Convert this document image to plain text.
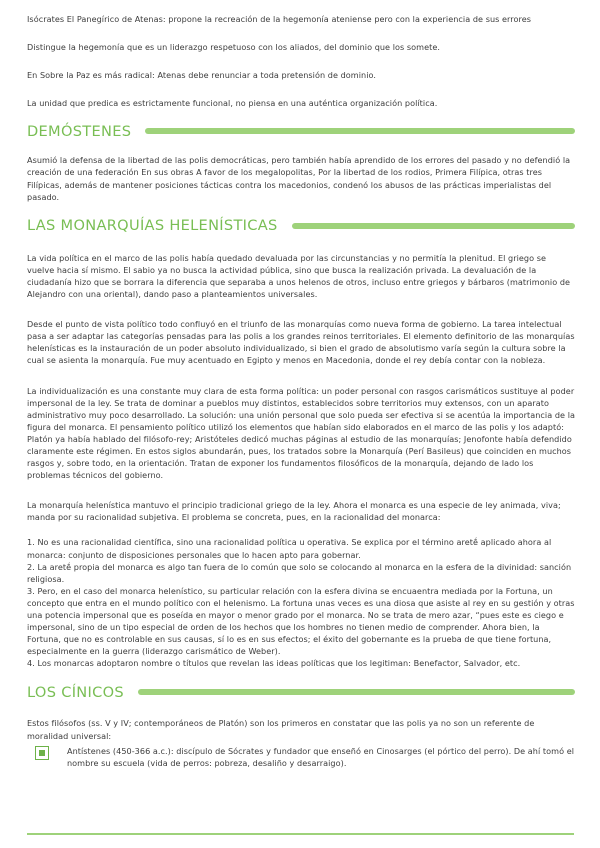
Isócrates El Panegírico de Atenas: propone la recreación de la hegemonía ateniense pero con la experiencia de sus errores

Distingue la hegemonía que es un liderazgo respetuoso con los aliados, del dominio que los somete.

En Sobre la Paz es más radical: Atenas debe renunciar a toda pretensión de dominio.

La unidad que predica es estrictamente funcional, no piensa en una auténtica organización política.

DEMÓSTENES

Asumió la defensa de la libertad de las polis democráticas, pero también había aprendido de los errores del pasado y no defendió la creación de una federación En sus obras A favor de los megalopolitas, Por la libertad de los rodios, Primera Filípica, otras tres Filípicas, además de mantener posiciones tácticas contra los macedonios, condenó los abusos de las prácticas imperialistas del pasado.

LAS MONARQUÍAS HELENÍSTICAS

La vida política en el marco de las polis había quedado devaluada por las circunstancias y no permitía la plenitud. El griego se vuelve hacia sí mismo. El sabio ya no busca la actividad pública, sino que busca la realización privada. La devaluación de la ciudadanía hizo que se borrara la diferencia que separaba a unos helenos de otros, incluso entre griegos y bárbaros (matrimonio de Alejandro con una oriental), dando paso a planteamientos universales.

Desde el punto de vista político todo confluyó en el triunfo de las monarquías como nueva forma de gobierno. La tarea intelectual pasa a ser adaptar las categorías pensadas para las polis a los grandes reinos territoriales. El elemento definitorio de las monarquías helenísticas es la instauración de un poder absoluto individualizado, si bien el grado de absolutismo varía según la cultura sobre la cual se asienta la monarquía. Fue muy acentuado en Egipto y menos en Macedonia, donde el rey debía contar con la nobleza.

La individualización es una constante muy clara de esta forma política: un poder personal con rasgos carismáticos sustituye al poder impersonal de la ley. Se trata de dominar a pueblos muy distintos, establecidos sobre territorios muy extensos, con un aparato administrativo muy poco desarrollado. La solución: una unión personal que solo pueda ser efectiva si se acentúa la importancia de la figura del monarca. El pensamiento político utilizó los elementos que habían sido elaborados en el marco de las polis y los adaptó: Platón ya había hablado del filósofo-rey; Aristóteles dedicó muchas páginas al estudio de las monarquías; Jenofonte había defendido claramente este régimen. En estos siglos abundarán, pues, los tratados sobre la Monarquía (Perí Basileus) que coinciden en muchos rasgos y, sobre todo, en la orientación. Tratan de exponer los fundamentos filosóficos de la monarquía, dejando de lado los problemas técnicos del gobierno.

La monarquía helenística mantuvo el principio tradicional griego de la ley. Ahora el monarca es una especie de ley animada, viva; manda por su racionalidad subjetiva. El problema se concreta, pues, en la racionalidad del monarca:

1. No es una racionalidad científica, sino una racionalidad política u operativa. Se explica por el término aretḗ aplicado ahora al monarca: conjunto de disposiciones personales que lo hacen apto para gobernar.

2. La aretḗ propia del monarca es algo tan fuera de lo común que solo se colocando al monarca en la esfera de la divinidad: sanción religiosa.

3. Pero, en el caso del monarca helenístico, su particular relación con la esfera divina se encuaentra mediada por la Fortuna, un concepto que entra en el mundo político con el helenismo. La fortuna unas veces es una diosa que asiste al rey en su gestión y otras una potencia impersonal que es poseída en mayor o menor grado por el monarca. No se trata de mero azar, “pues este es ciego e impersonal, sino de un tipo especial de orden de los hechos que los hombres no tienen medio de comprender. Ahora bien, la Fortuna, que no es controlable en sus causas, sí lo es en sus efectos; el éxito del gobernante es la prueba de que tiene fortuna, especialmente en la guerra (liderazgo carismático de Weber).

4. Los monarcas adoptaron nombre o títulos que revelan las ideas políticas que los legitiman: Benefactor, Salvador, etc.

LOS CÍNICOS

Estos filósofos (ss. V y IV; contemporáneos de Platón) son los primeros en constatar que las polis ya no son un referente de moralidad universal:

Antístenes (450-366 a.c.): discípulo de Sócrates y fundador que enseñó en Cinosarges (el pórtico del perro). De ahí tomó el nombre su escuela (vida de perros: pobreza, desaliño y desarraigo).
